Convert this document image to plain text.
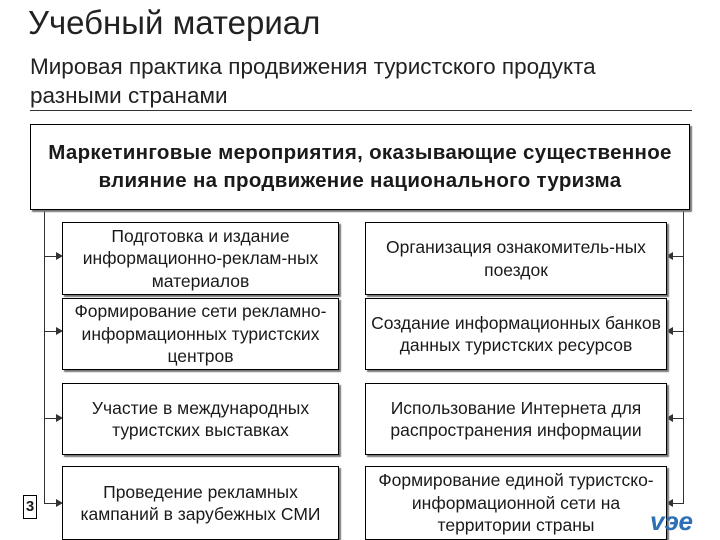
Учебный материал
Мировая практика продвижения туристского продукта разными странами
Маркетинговые мероприятия, оказывающие существенное влияние на продвижение национального туризма
Подготовка и издание информационно-реклам-ных материалов
Формирование сети рекламно-информационных туристских центров
Участие в международных туристских выставках
Проведение рекламных кампаний в зарубежных СМИ
Организация ознакомитель-ных поездок
Создание информационных банков данных туристских ресурсов
Использование Интернета для распространения информации
Формирование единой туристско-информационной сети на территории страны
3	vэе
